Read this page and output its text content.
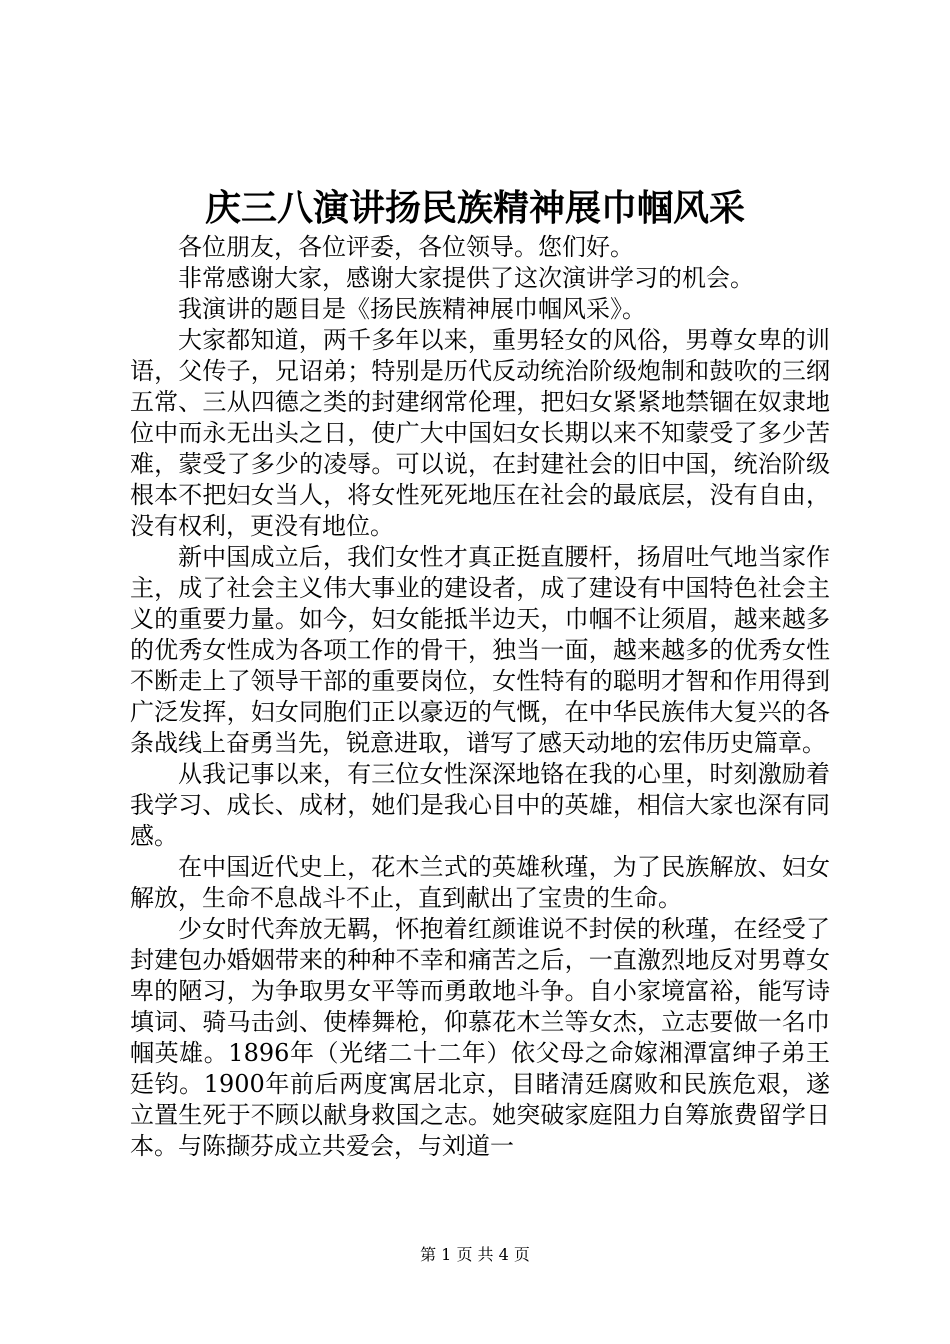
庆三八演讲扬民族精神展巾帼风采

各位朋友，各位评委，各位领导。您们好。

非常感谢大家，感谢大家提供了这次演讲学习的机会。

我演讲的题目是《扬民族精神展巾帼风采》。

大家都知道，两千多年以来，重男轻女的风俗，男尊女卑的训语，父传子，兄诏弟；特别是历代反动统治阶级炮制和鼓吹的三纲五常、三从四德之类的封建纲常伦理，把妇女紧紧地禁锢在奴隶地位中而永无出头之日，使广大中国妇女长期以来不知蒙受了多少苦难，蒙受了多少的凌辱。可以说，在封建社会的旧中国，统治阶级根本不把妇女当人，将女性死死地压在社会的最底层，没有自由，没有权利，更没有地位。

新中国成立后，我们女性才真正挺直腰杆，扬眉吐气地当家作主，成了社会主义伟大事业的建设者，成了建设有中国特色社会主义的重要力量。如今，妇女能抵半边天，巾帼不让须眉，越来越多的优秀女性成为各项工作的骨干，独当一面，越来越多的优秀女性不断走上了领导干部的重要岗位，女性特有的聪明才智和作用得到广泛发挥，妇女同胞们正以豪迈的气慨，在中华民族伟大复兴的各条战线上奋勇当先，锐意进取，谱写了感天动地的宏伟历史篇章。

从我记事以来，有三位女性深深地铬在我的心里，时刻激励着我学习、成长、成材，她们是我心目中的英雄，相信大家也深有同感。

在中国近代史上，花木兰式的英雄秋瑾，为了民族解放、妇女解放，生命不息战斗不止，直到献出了宝贵的生命。

少女时代奔放无羁，怀抱着红颜谁说不封侯的秋瑾，在经受了封建包办婚姻带来的种种不幸和痛苦之后，一直激烈地反对男尊女卑的陋习，为争取男女平等而勇敢地斗争。自小家境富裕，能写诗填词、骑马击剑、使棒舞枪，仰慕花木兰等女杰，立志要做一名巾帼英雄。1896年（光绪二十二年）依父母之命嫁湘潭富绅子弟王廷钧。1900年前后两度寓居北京，目睹清廷腐败和民族危艰，遂立置生死于不顾以献身救国之志。她突破家庭阻力自筹旅费留学日本。与陈撷芬成立共爱会，与刘道一

第 1 页 共 4 页
